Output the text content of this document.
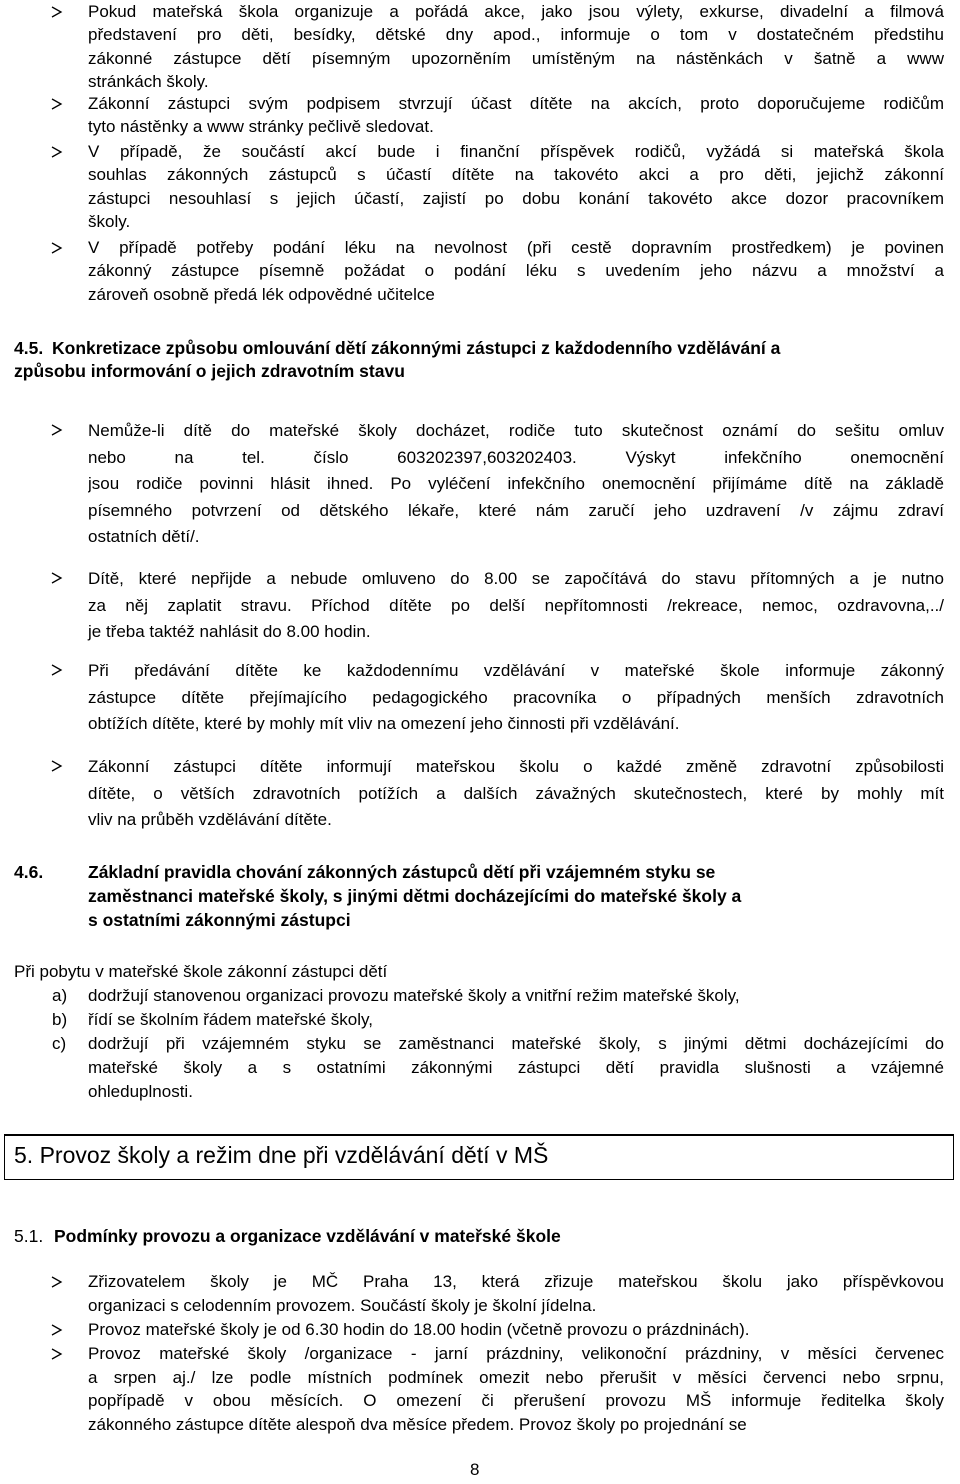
Pokud mateřská škola organizuje a pořádá akce, jako jsou výlety, exkurse, divadelní a filmová
představení pro děti, besídky, dětské dny apod., informuje o tom v dostatečném předstihu
zákonné zástupce dětí písemným upozorněním umístěným na nástěnkách v šatně a www
stránkách školy.
Zákonní zástupci svým podpisem stvrzují účast dítěte na akcích, proto doporučujeme rodičům
tyto nástěnky a www stránky pečlivě sledovat.
V případě, že součástí akcí bude i finanční příspěvek rodičů, vyžádá si mateřská škola
souhlas zákonných zástupců s účastí dítěte na takovéto akci a pro děti, jejichž zákonní
zástupci nesouhlasí s jejich účastí, zajistí po dobu konání takovéto akce dozor pracovníkem
školy.
V případě potřeby podání léku na nevolnost (při cestě dopravním prostředkem) je povinen
zákonný zástupce písemně požádat o podání léku s uvedením jeho názvu a množství a
zároveň osobně předá lék odpovědné učitelce
4.5. Konkretizace způsobu omlouvání dětí zákonnými zástupci z každodenního vzdělávání a
způsobu informování o jejich zdravotním stavu
Nemůže-li dítě do mateřské školy docházet, rodiče tuto skutečnost oznámí do sešitu omluv
nebo na tel. číslo 603202397,603202403. Výskyt infekčního onemocnění
jsou rodiče povinni hlásit ihned. Po vyléčení infekčního onemocnění přijímáme dítě na základě
písemného potvrzení od dětského lékaře, které nám zaručí jeho uzdravení /v zájmu zdraví
ostatních dětí/.
Dítě, které nepřijde a nebude omluveno do 8.00 se započítává do stavu přítomných a je nutno
za něj zaplatit stravu. Příchod dítěte po delší nepřítomnosti /rekreace, nemoc, ozdravovna,../
je třeba taktéž nahlásit do 8.00 hodin.
Při předávání dítěte ke každodennímu vzdělávání v mateřské škole informuje zákonný
zástupce dítěte přejímajícího pedagogického pracovníka o případných menších zdravotních
obtížích dítěte, které by mohly mít vliv na omezení jeho činnosti při vzdělávání.
Zákonní zástupci dítěte informují mateřskou školu o každé změně zdravotní způsobilosti
dítěte, o větších zdravotních potížích a dalších závažných skutečnostech, které by mohly mít
vliv na průběh vzdělávání dítěte.
4.6.	Základní pravidla chování zákonných zástupců dětí při vzájemném styku se
zaměstnanci mateřské školy, s jinými dětmi docházejícími do mateřské školy a
s ostatními zákonnými zástupci
Při pobytu v mateřské škole zákonní zástupci dětí
a) dodržují stanovenou organizaci provozu mateřské školy a vnitřní režim mateřské školy,
b) řídí se školním řádem mateřské školy,
c) dodržují při vzájemném styku se zaměstnanci mateřské školy, s jinými dětmi docházejícími do
mateřské školy a s ostatními zákonnými zástupci dětí pravidla slušnosti a vzájemné
ohleduplnosti.
5. Provoz školy a režim dne při vzdělávání dětí v MŠ
5.1. Podmínky provozu a organizace vzdělávání v mateřské škole
Zřizovatelem školy je MČ Praha 13, která zřizuje mateřskou školu jako příspěvkovou
organizaci s celodenním provozem. Součástí školy je školní jídelna.
Provoz mateřské školy je od 6.30 hodin do 18.00 hodin (včetně provozu o prázdninách).
Provoz mateřské školy /organizace - jarní prázdniny, velikonoční prázdniny, v měsíci červenec
a srpen aj./ lze podle místních podmínek omezit nebo přerušit v měsíci červenci nebo srpnu,
popřípadě v obou měsících. O omezení či přerušení provozu MŠ informuje ředitelka školy
zákonného zástupce dítěte alespoň dva měsíce předem. Provoz školy po projednání se
8
